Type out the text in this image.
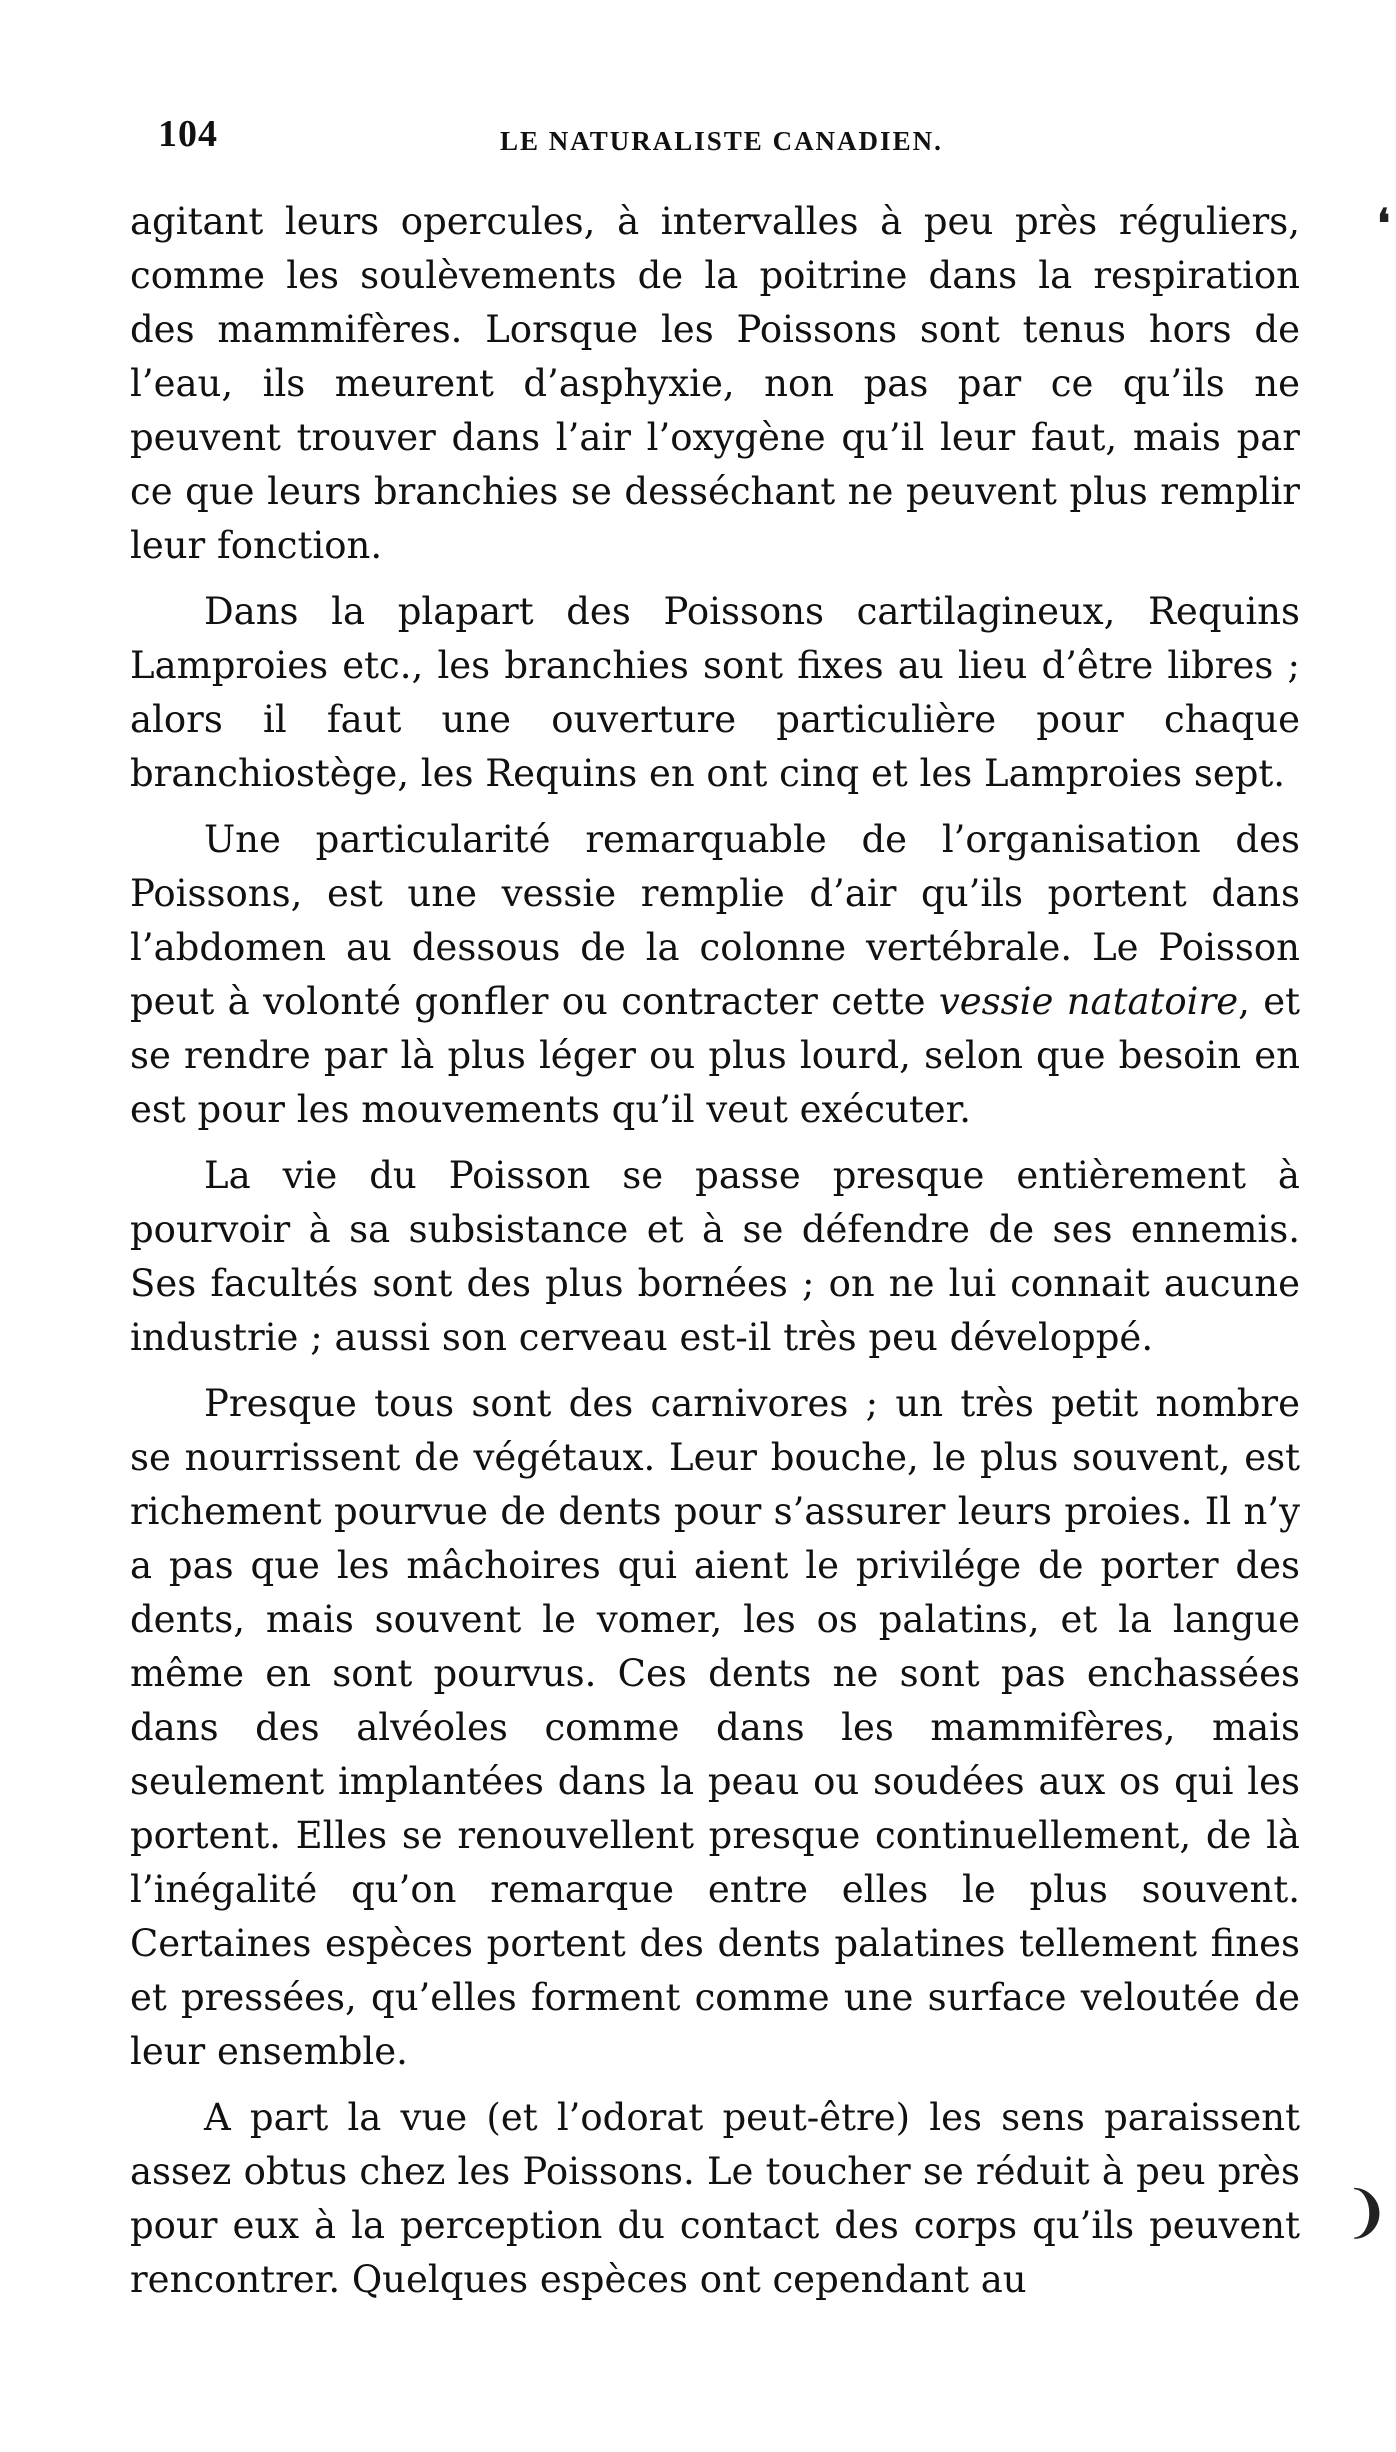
104	LE NATURALISTE CANADIEN.

agitant leurs opercules, à intervalles à peu près réguliers, comme les soulèvements de la poitrine dans la respiration des mammifères. Lorsque les Poissons sont tenus hors de l’eau, ils meurent d’asphyxie, non pas par ce qu’ils ne peuvent trouver dans l’air l’oxygène qu’il leur faut, mais par ce que leurs branchies se desséchant ne peuvent plus remplir leur fonction.

Dans la plapart des Poissons cartilagineux, Requins Lamproies etc., les branchies sont fixes au lieu d’être libres ; alors il faut une ouverture particulière pour chaque branchiostège, les Requins en ont cinq et les Lamproies sept.

Une particularité remarquable de l’organisation des Poissons, est une vessie remplie d’air qu’ils portent dans l’abdomen au dessous de la colonne vertébrale. Le Poisson peut à volonté gonfler ou contracter cette vessie natatoire, et se rendre par là plus léger ou plus lourd, selon que besoin en est pour les mouvements qu’il veut exécuter.

La vie du Poisson se passe presque entièrement à pourvoir à sa subsistance et à se défendre de ses ennemis. Ses facultés sont des plus bornées ; on ne lui connait aucune industrie ; aussi son cerveau est-il très peu développé.

Presque tous sont des carnivores ; un très petit nombre se nourrissent de végétaux. Leur bouche, le plus souvent, est richement pourvue de dents pour s’assurer leurs proies. Il n’y a pas que les mâchoires qui aient le privilége de porter des dents, mais souvent le vomer, les os palatins, et la langue même en sont pourvus. Ces dents ne sont pas enchassées dans des alvéoles comme dans les mammifères, mais seulement implantées dans la peau ou soudées aux os qui les portent. Elles se renouvellent presque continuellement, de là l’inégalité qu’on remarque entre elles le plus souvent. Certaines espèces portent des dents palatines tellement fines et pressées, qu’elles forment comme une surface veloutée de leur ensemble.

A part la vue (et l’odorat peut-être) les sens paraissent assez obtus chez les Poissons. Le toucher se réduit à peu près pour eux à la perception du contact des corps qu’ils peuvent rencontrer. Quelques espèces ont cependant au

❛
❩
